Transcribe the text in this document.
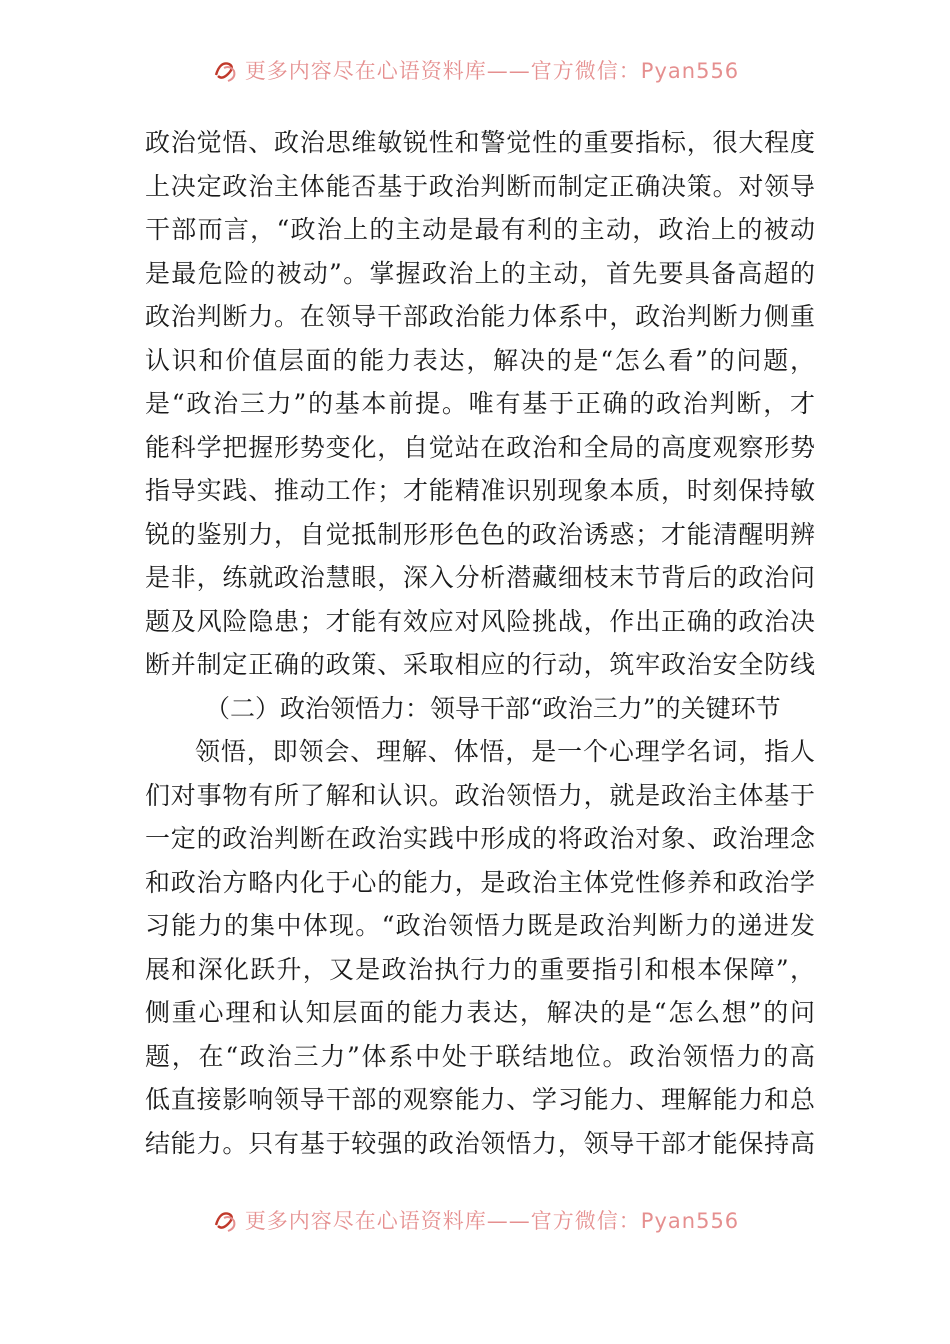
更多内容尽在心语资料库——官方微信：Pyan556
政治觉悟、政治思维敏锐性和警觉性的重要指标，很大程度
上决定政治主体能否基于政治判断而制定正确决策。对领导
干部而言，“政治上的主动是最有利的主动，政治上的被动
是最危险的被动”。掌握政治上的主动，首先要具备高超的
政治判断力。在领导干部政治能力体系中，政治判断力侧重
认识和价值层面的能力表达，解决的是“怎么看”的问题，
是“政治三力”的基本前提。唯有基于正确的政治判断，才
能科学把握形势变化，自觉站在政治和全局的高度观察形势
指导实践、推动工作；才能精准识别现象本质，时刻保持敏
锐的鉴别力，自觉抵制形形色色的政治诱惑；才能清醒明辨
是非，练就政治慧眼，深入分析潜藏细枝末节背后的政治问
题及风险隐患；才能有效应对风险挑战，作出正确的政治决
断并制定正确的政策、采取相应的行动，筑牢政治安全防线
（二）政治领悟力：领导干部“政治三力”的关键环节
领悟，即领会、理解、体悟，是一个心理学名词，指人
们对事物有所了解和认识。政治领悟力，就是政治主体基于
一定的政治判断在政治实践中形成的将政治对象、政治理念
和政治方略内化于心的能力，是政治主体党性修养和政治学
习能力的集中体现。“政治领悟力既是政治判断力的递进发
展和深化跃升，又是政治执行力的重要指引和根本保障”，
侧重心理和认知层面的能力表达，解决的是“怎么想”的问
题，在“政治三力”体系中处于联结地位。政治领悟力的高
低直接影响领导干部的观察能力、学习能力、理解能力和总
结能力。只有基于较强的政治领悟力，领导干部才能保持高
更多内容尽在心语资料库——官方微信：Pyan556
